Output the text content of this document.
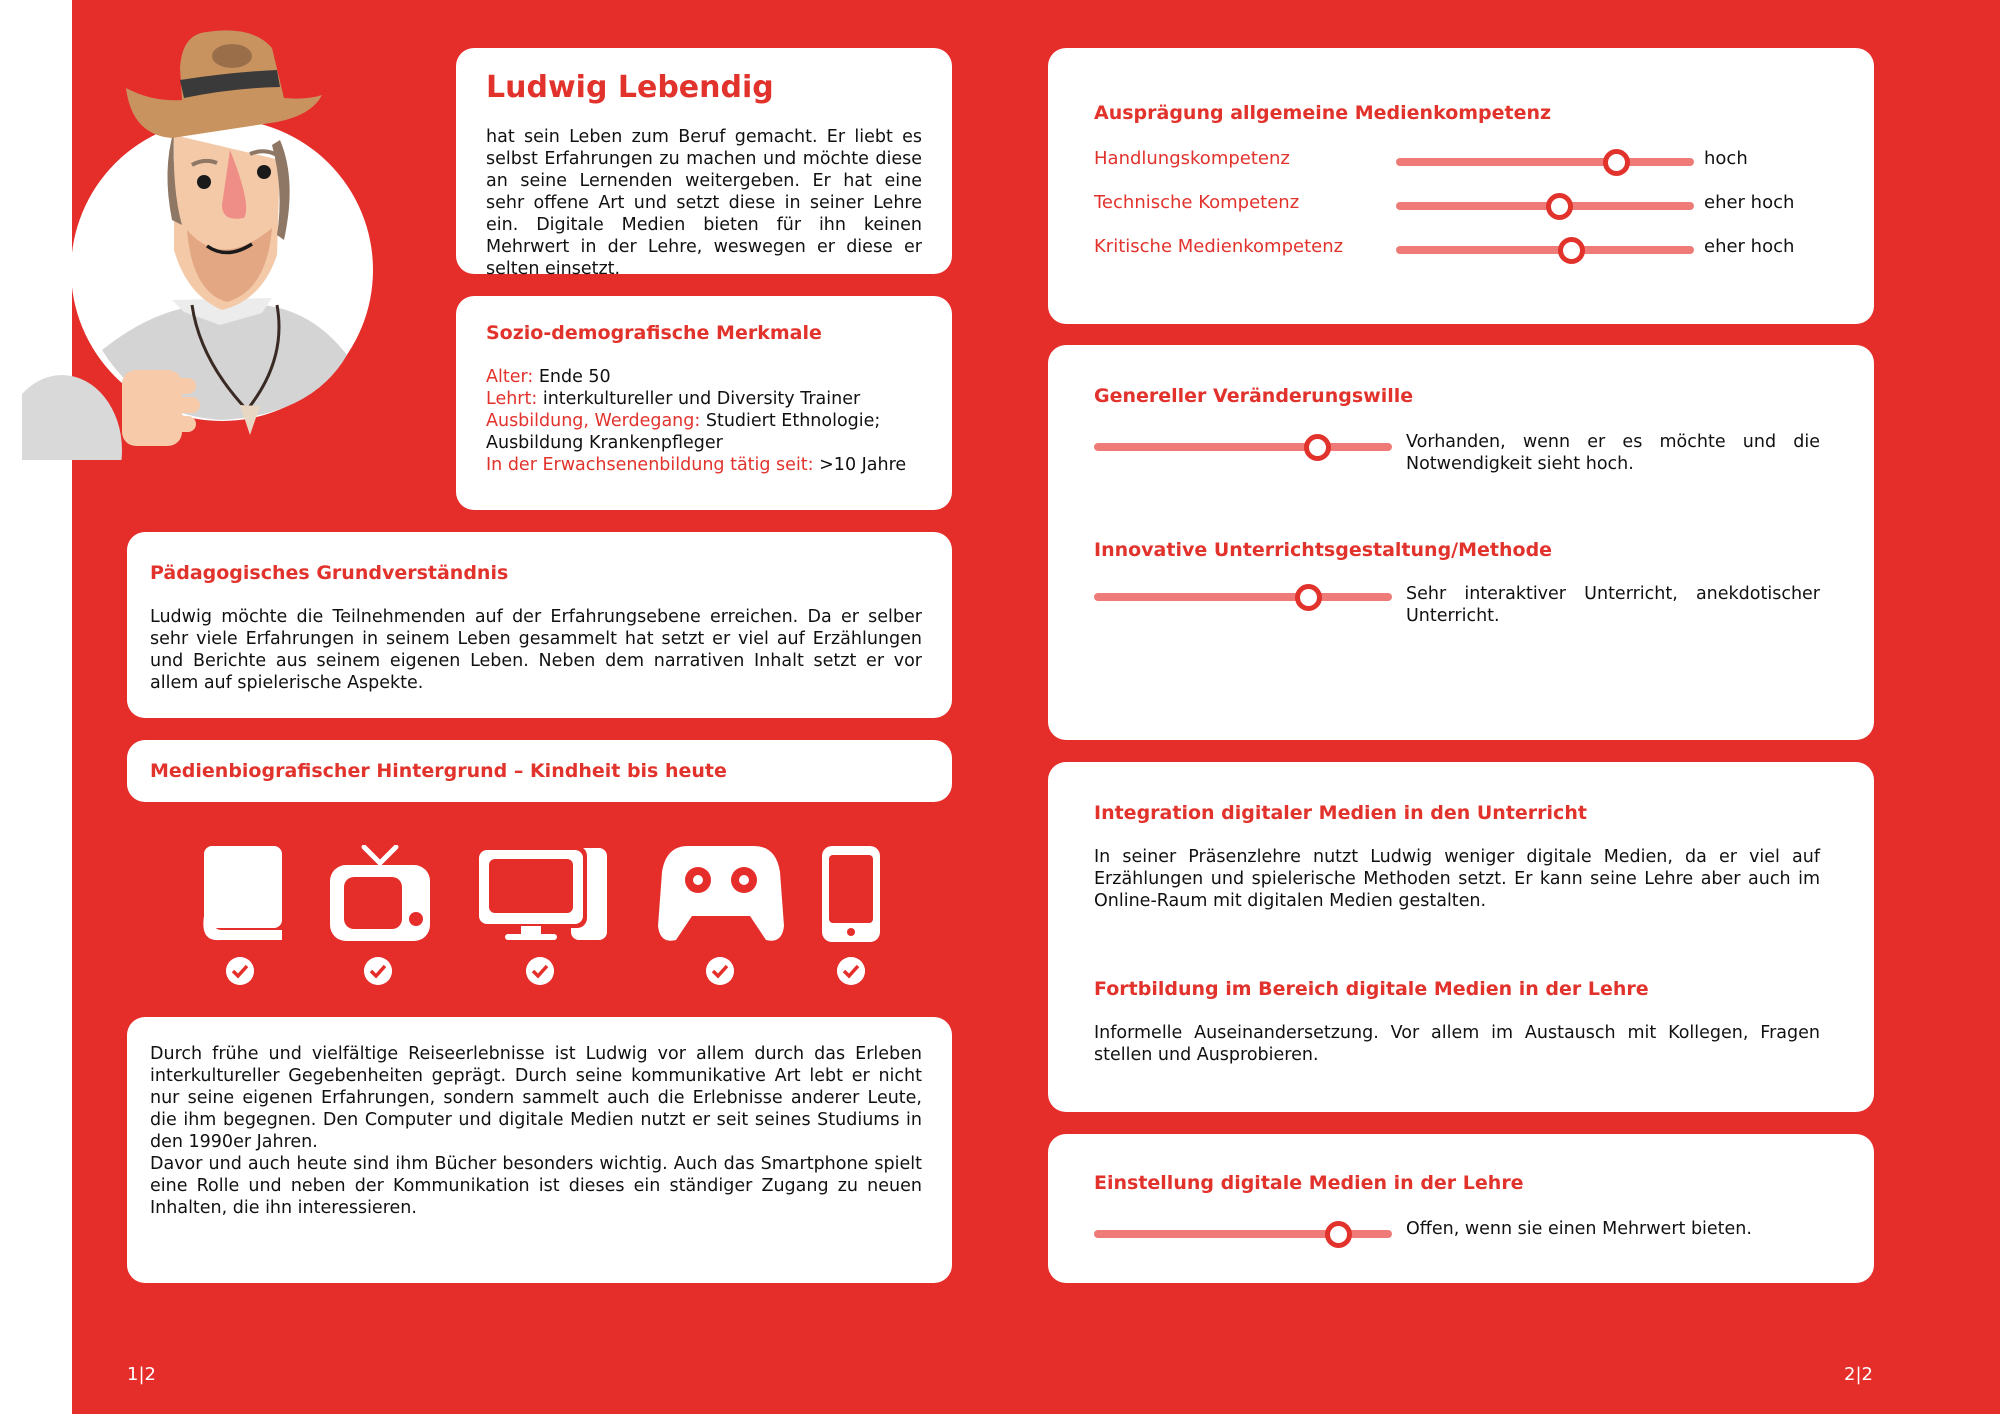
Ludwig Lebendig

hat sein Leben zum Beruf gemacht. Er liebt es selbst Erfahrungen zu machen und möchte diese an seine Lernenden weitergeben. Er hat eine sehr offene Art und setzt diese in seiner Lehre ein. Digitale Medien bieten für ihn keinen Mehrwert in der Lehre, weswegen er diese er selten einsetzt.

Sozio-demografische Merkmale

Alter: Ende 50
Lehrt: interkultureller und Diversity Trainer
Ausbildung, Werdegang: Studiert Ethnologie; Ausbildung Krankenpfleger
In der Erwachsenenbildung tätig seit: >10 Jahre

Pädagogisches Grundverständnis

Ludwig möchte die Teilnehmenden auf der Erfahrungsebene erreichen. Da er selber sehr viele Erfahrungen in seinem Leben gesammelt hat setzt er viel auf Erzählungen und Berichte aus seinem eigenen Leben. Neben dem narrativen Inhalt setzt er vor allem auf spielerische Aspekte.

Medienbiografischer Hintergrund – Kindheit bis heute

Durch frühe und vielfältige Reiseerlebnisse ist Ludwig vor allem durch das Erleben interkultureller Gegebenheiten geprägt. Durch seine kommunikative Art lebt er nicht nur seine eigenen Erfahrungen, sondern sammelt auch die Erlebnisse anderer Leute, die ihm begegnen. Den Computer und digitale Medien nutzt er seit seines Studiums in den 1990er Jahren.

Davor und auch heute sind ihm Bücher besonders wichtig. Auch das Smartphone spielt eine Rolle und neben der Kommunikation ist dieses ein ständiger Zugang zu neuen Inhalten, die ihn interessieren.

Ausprägung allgemeine Medienkompetenz
Handlungskompetenz	hoch
Technische Kompetenz	eher hoch
Kritische Medienkompetenz	eher hoch
Genereller Veränderungswille

Vorhanden, wenn er es möchte und die Notwendigkeit sieht hoch.

Innovative Unterrichtsgestaltung/Methode

Sehr interaktiver Unterricht, anekdotischer Unterricht.

Integration digitaler Medien in den Unterricht

In seiner Präsenzlehre nutzt Ludwig weniger digitale Medien, da er viel auf Erzählungen und spielerische Methoden setzt. Er kann seine Lehre aber auch im Online-Raum mit digitalen Medien gestalten.

Fortbildung im Bereich digitale Medien in der Lehre

Informelle Auseinandersetzung. Vor allem im Austausch mit Kollegen, Fragen stellen und Ausprobieren.

Einstellung digitale Medien in der Lehre

Offen, wenn sie einen Mehrwert bieten.

1|2	2|2
